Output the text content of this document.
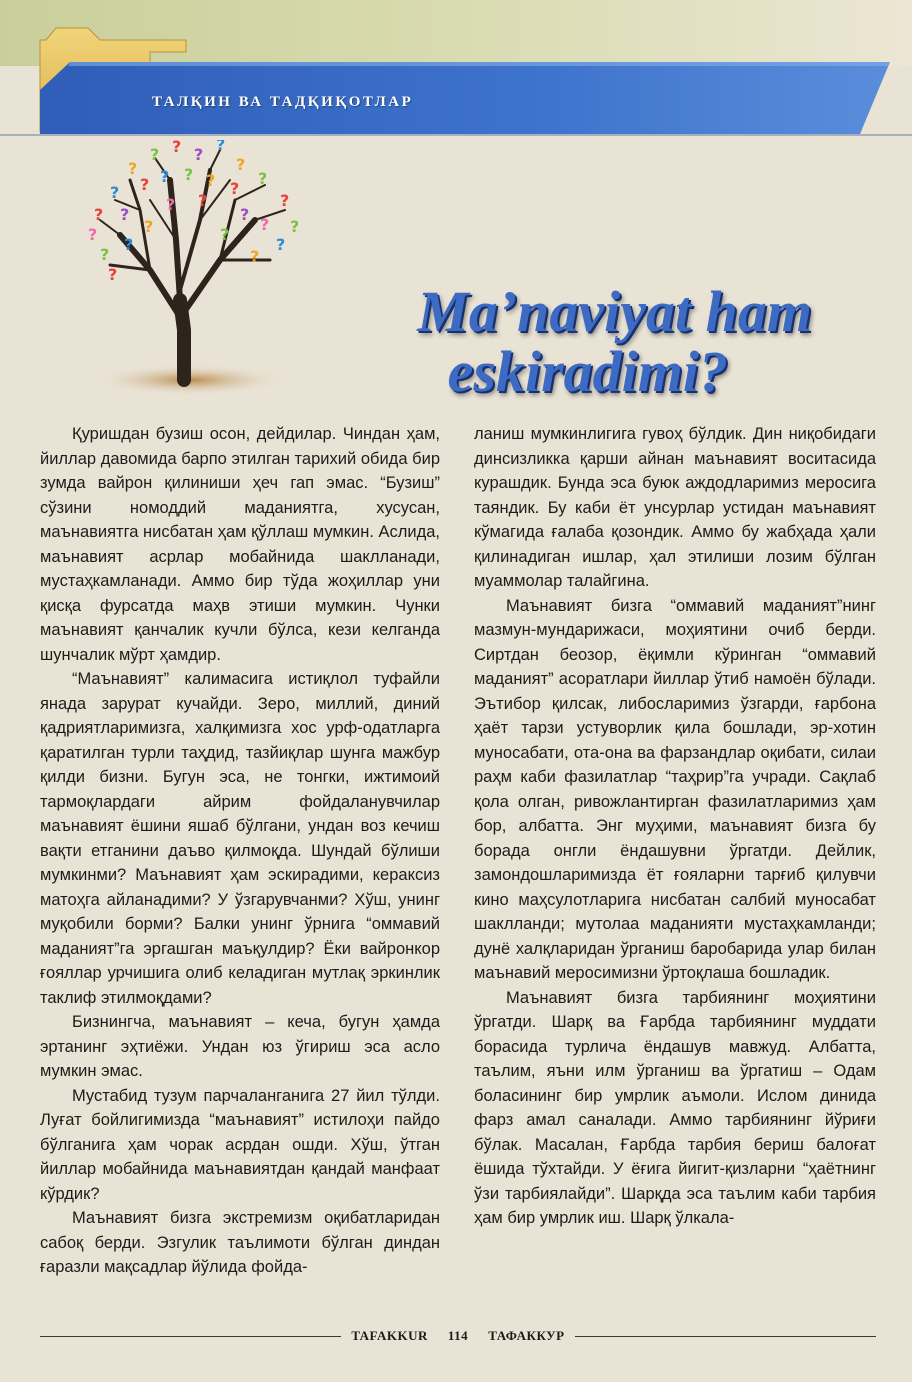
ТАЛҚИН ВА ТАДҚИҚОТЛАР

?
?
?
? ? ?
?
?
?
?
?
?
?
?
? ? ? ? ?
?
?
?
?
?
?
?
?
?
?
Ma’naviyat ham
eskiradimi?

Қуришдан бузиш осон, дейдилар. Чиндан ҳам, йиллар давомида барпо этилган тарихий обида бир зумда вайрон қилиниши ҳеч гап эмас. “Бузиш” сўзини номоддий маданиятга, хусусан, маънавиятга нисбатан ҳам қўллаш мумкин. Аслида, маънавият асрлар мобайнида шаклланади, мустаҳкамланади. Аммо бир тўда жоҳиллар уни қисқа фурсатда маҳв этиши мумкин. Чунки маънавият қанчалик кучли бўлса, кези келганда шунчалик мўрт ҳамдир.

“Маънавият” калимасига истиқлол туфайли янада зарурат кучайди. Зеро, миллий, диний қадриятларимизга, халқимизга хос урф-одатларга қаратилган турли таҳдид, тазйиқлар шунга мажбур қилди бизни. Бугун эса, не тонгки, ижтимоий тармоқлардаги айрим фойдаланувчилар маънавият ёшини яшаб бўлгани, ундан воз кечиш вақти етганини даъво қилмоқда. Шундай бўлиши мумкинми? Маънавият ҳам эскирадими, кераксиз матоҳга айланадими? У ўзгарувчанми? Хўш, унинг муқобили борми? Балки унинг ўрнига “оммавий маданият”га эргашган маъқулдир? Ёки вайронкор ғояллар урчишига олиб келадиган мутлақ эркинлик таклиф этилмоқдами?

Бизнингча, маънавият – кеча, бугун ҳамда эртанинг эҳтиёжи. Ундан юз ўгириш эса асло мумкин эмас.

Мустабид тузум парчаланганига 27 йил тўлди. Луғат бойлигимизда “маънавият” истилоҳи пайдо бўлганига ҳам чорак асрдан ошди. Хўш, ўтган йиллар мобайнида маънавиятдан қандай манфаат кўрдик?

Маънавият бизга экстремизм оқибатларидан сабоқ берди. Эзгулик таълимоти бўлган диндан ғаразли мақсадлар йўлида фойда-

ланиш мумкинлигига гувоҳ бўлдик. Дин ниқобидаги динсизликка қарши айнан маънавият воситасида курашдик. Бунда эса буюк аждодларимиз меросига таяндик. Бу каби ёт унсурлар устидан маънавият кўмагида ғалаба қозондик. Аммо бу жабҳада ҳали қилинадиган ишлар, ҳал этилиши лозим бўлган муаммолар талайгина.

Маънавият бизга “оммавий маданият”нинг мазмун-мундарижаси, моҳиятини очиб берди. Сиртдан беозор, ёқимли кўринган “оммавий маданият” асоратлари йиллар ўтиб намоён бўлади. Эътибор қилсак, либосларимиз ўзгарди, ғарбона ҳаёт тарзи устуворлик қила бошлади, эр-хотин муносабати, ота-она ва фарзандлар оқибати, силаи раҳм каби фазилатлар “таҳрир”га учради. Сақлаб қола олган, ривожлантирган фазилатларимиз ҳам бор, албатта. Энг муҳими, маънавият бизга бу борада онгли ёндашувни ўргатди. Дейлик, замондошларимизда ёт ғояларни тарғиб қилувчи кино маҳсулотларига нисбатан салбий муносабат шаклланди; мутолаа маданияти мустаҳкамланди; дунё халқларидан ўрганиш баробарида улар билан маънавий меросимизни ўртоқлаша бошладик.

Маънавият бизга тарбиянинг моҳиятини ўргатди. Шарқ ва Ғарбда тарбиянинг муддати борасида турлича ёндашув мавжуд. Албатта, таълим, яъни илм ўрганиш ва ўргатиш – Одам боласининг бир умрлик аъмоли. Ислом динида фарз амал саналади. Аммо тарбиянинг йўриғи бўлак. Масалан, Ғарбда тарбия бериш балоғат ёшида тўхтайди. У ёғига йигит-қизларни “ҳаётнинг ўзи тарбиялайди”. Шарқда эса таълим каби тарбия ҳам бир умрлик иш. Шарқ ўлкала-

TAFAKKUR	114	ТАФАККУР
